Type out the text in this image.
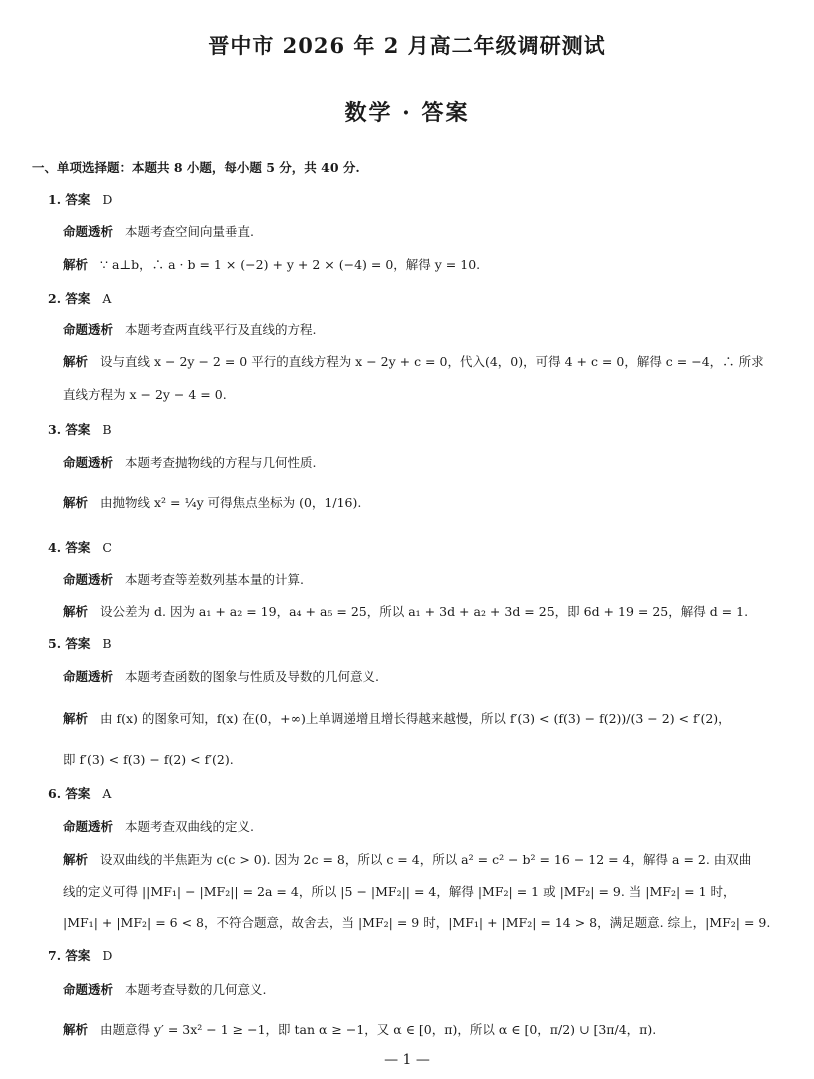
晋中市 2026 年 2 月高二年级调研测试
数学 · 答案
一、单项选择题：本题共 8 小题，每小题 5 分，共 40 分.
1. 答案 D
命题透析 本题考查空间向量垂直.
解析 ∵ a⊥b，∴ a · b = 1 × (−2) + y + 2 × (−4) = 0，解得 y = 10.
2. 答案 A
命题透析 本题考查两直线平行及直线的方程.
解析 设与直线 x − 2y − 2 = 0 平行的直线方程为 x − 2y + c = 0，代入(4，0)，可得 4 + c = 0，解得 c = −4，∴ 所求
直线方程为 x − 2y − 4 = 0.
3. 答案 B
命题透析 本题考查抛物线的方程与几何性质.
解析 由抛物线 x² = ¼y 可得焦点坐标为 (0，1/16).
4. 答案 C
命题透析 本题考查等差数列基本量的计算.
解析 设公差为 d. 因为 a₁ + a₂ = 19，a₄ + a₅ = 25，所以 a₁ + 3d + a₂ + 3d = 25，即 6d + 19 = 25，解得 d = 1.
5. 答案 B
命题透析 本题考查函数的图象与性质及导数的几何意义.
解析 由 f(x) 的图象可知，f(x) 在(0，+∞)上单调递增且增长得越来越慢，所以 f′(3) < (f(3) − f(2))/(3 − 2) < f′(2)，
即 f′(3) < f(3) − f(2) < f′(2).
6. 答案 A
命题透析 本题考查双曲线的定义.
解析 设双曲线的半焦距为 c(c > 0). 因为 2c = 8，所以 c = 4，所以 a² = c² − b² = 16 − 12 = 4，解得 a = 2. 由双曲
线的定义可得 ||MF₁| − |MF₂|| = 2a = 4，所以 |5 − |MF₂|| = 4，解得 |MF₂| = 1 或 |MF₂| = 9. 当 |MF₂| = 1 时，
|MF₁| + |MF₂| = 6 < 8，不符合题意，故舍去，当 |MF₂| = 9 时，|MF₁| + |MF₂| = 14 > 8，满足题意. 综上，|MF₂| = 9.
7. 答案 D
命题透析 本题考查导数的几何意义.
解析 由题意得 y′ = 3x² − 1 ≥ −1，即 tan α ≥ −1，又 α ∈ [0，π)，所以 α ∈ [0，π/2) ∪ [3π/4，π).
— 1 —
